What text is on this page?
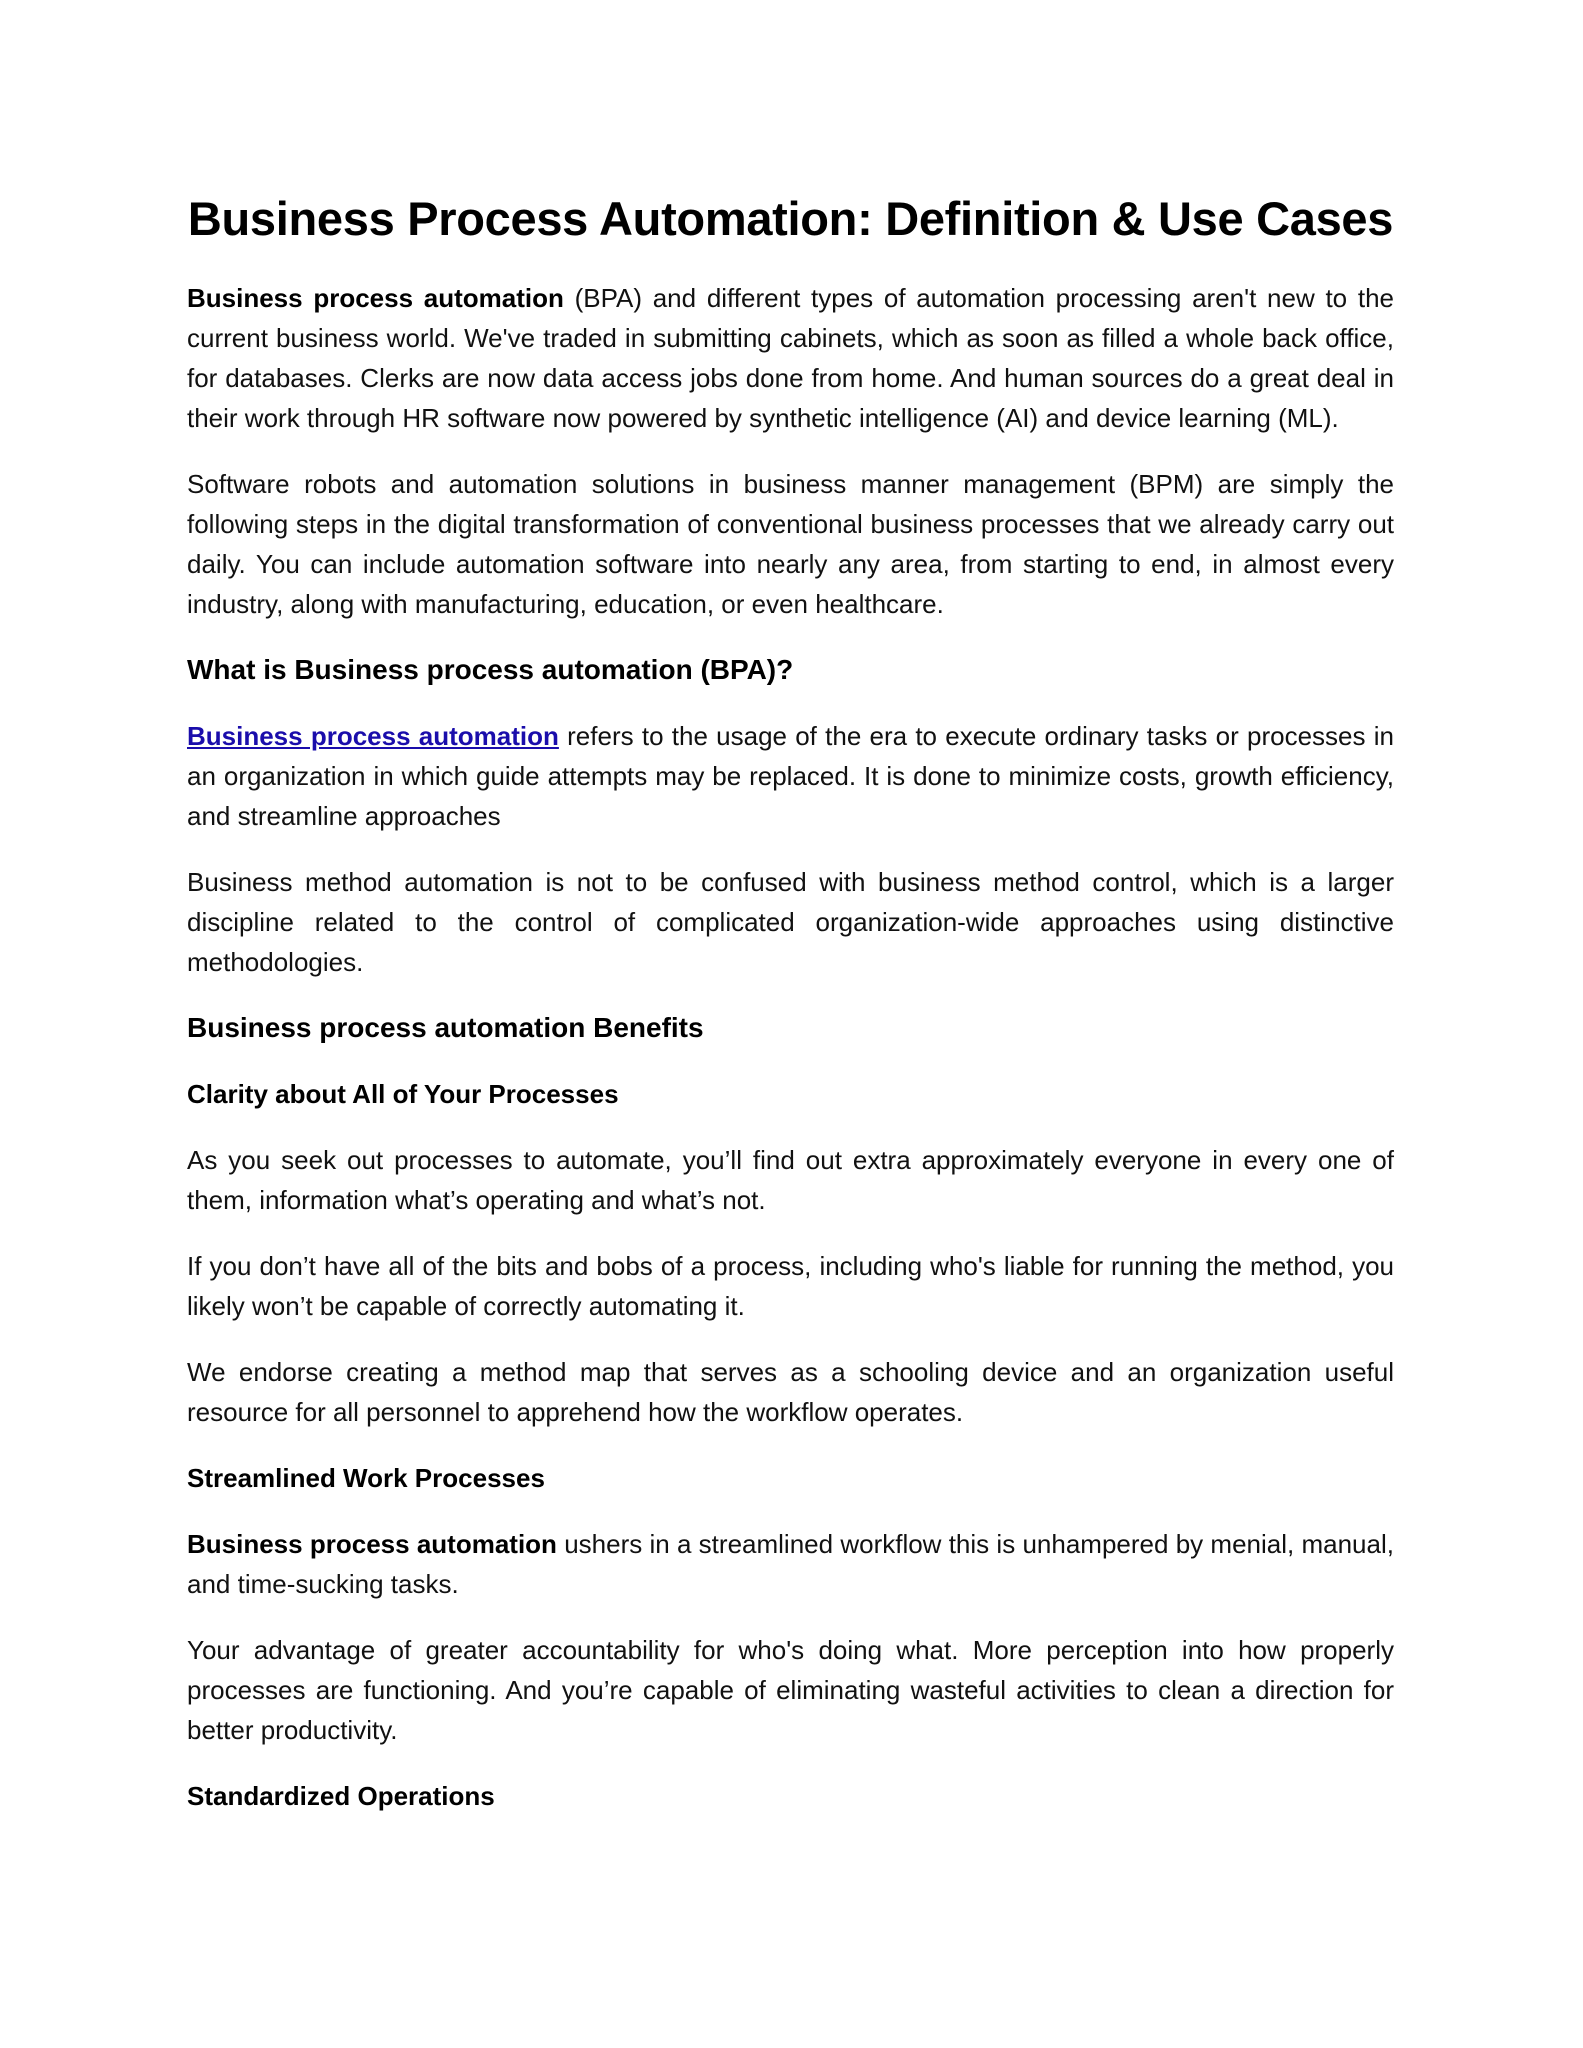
Business Process Automation: Definition & Use Cases

Business process automation (BPA) and different types of automation processing aren't new to the current business world. We've traded in submitting cabinets, which as soon as filled a whole back office, for databases. Clerks are now data access jobs done from home. And human sources do a great deal in their work through HR software now powered by synthetic intelligence (AI) and device learning (ML).

Software robots and automation solutions in business manner management (BPM) are simply the following steps in the digital transformation of conventional business processes that we already carry out daily. You can include automation software into nearly any area, from starting to end, in almost every industry, along with manufacturing, education, or even healthcare.

What is Business process automation (BPA)?

Business process automation refers to the usage of the era to execute ordinary tasks or processes in an organization in which guide attempts may be replaced. It is done to minimize costs, growth efficiency, and streamline approaches

Business method automation is not to be confused with business method control, which is a larger discipline related to the control of complicated organization-wide approaches using distinctive methodologies.

Business process automation Benefits
Clarity about All of Your Processes

As you seek out processes to automate, you’ll find out extra approximately everyone in every one of them, information what’s operating and what’s not.

If you don’t have all of the bits and bobs of a process, including who's liable for running the method, you likely won’t be capable of correctly automating it.

We endorse creating a method map that serves as a schooling device and an organization useful resource for all personnel to apprehend how the workflow operates.

Streamlined Work Processes

Business process automation ushers in a streamlined workflow this is unhampered by menial, manual, and time-sucking tasks.

Your advantage of greater accountability for who's doing what. More perception into how properly processes are functioning. And you’re capable of eliminating wasteful activities to clean a direction for better productivity.

Standardized Operations
